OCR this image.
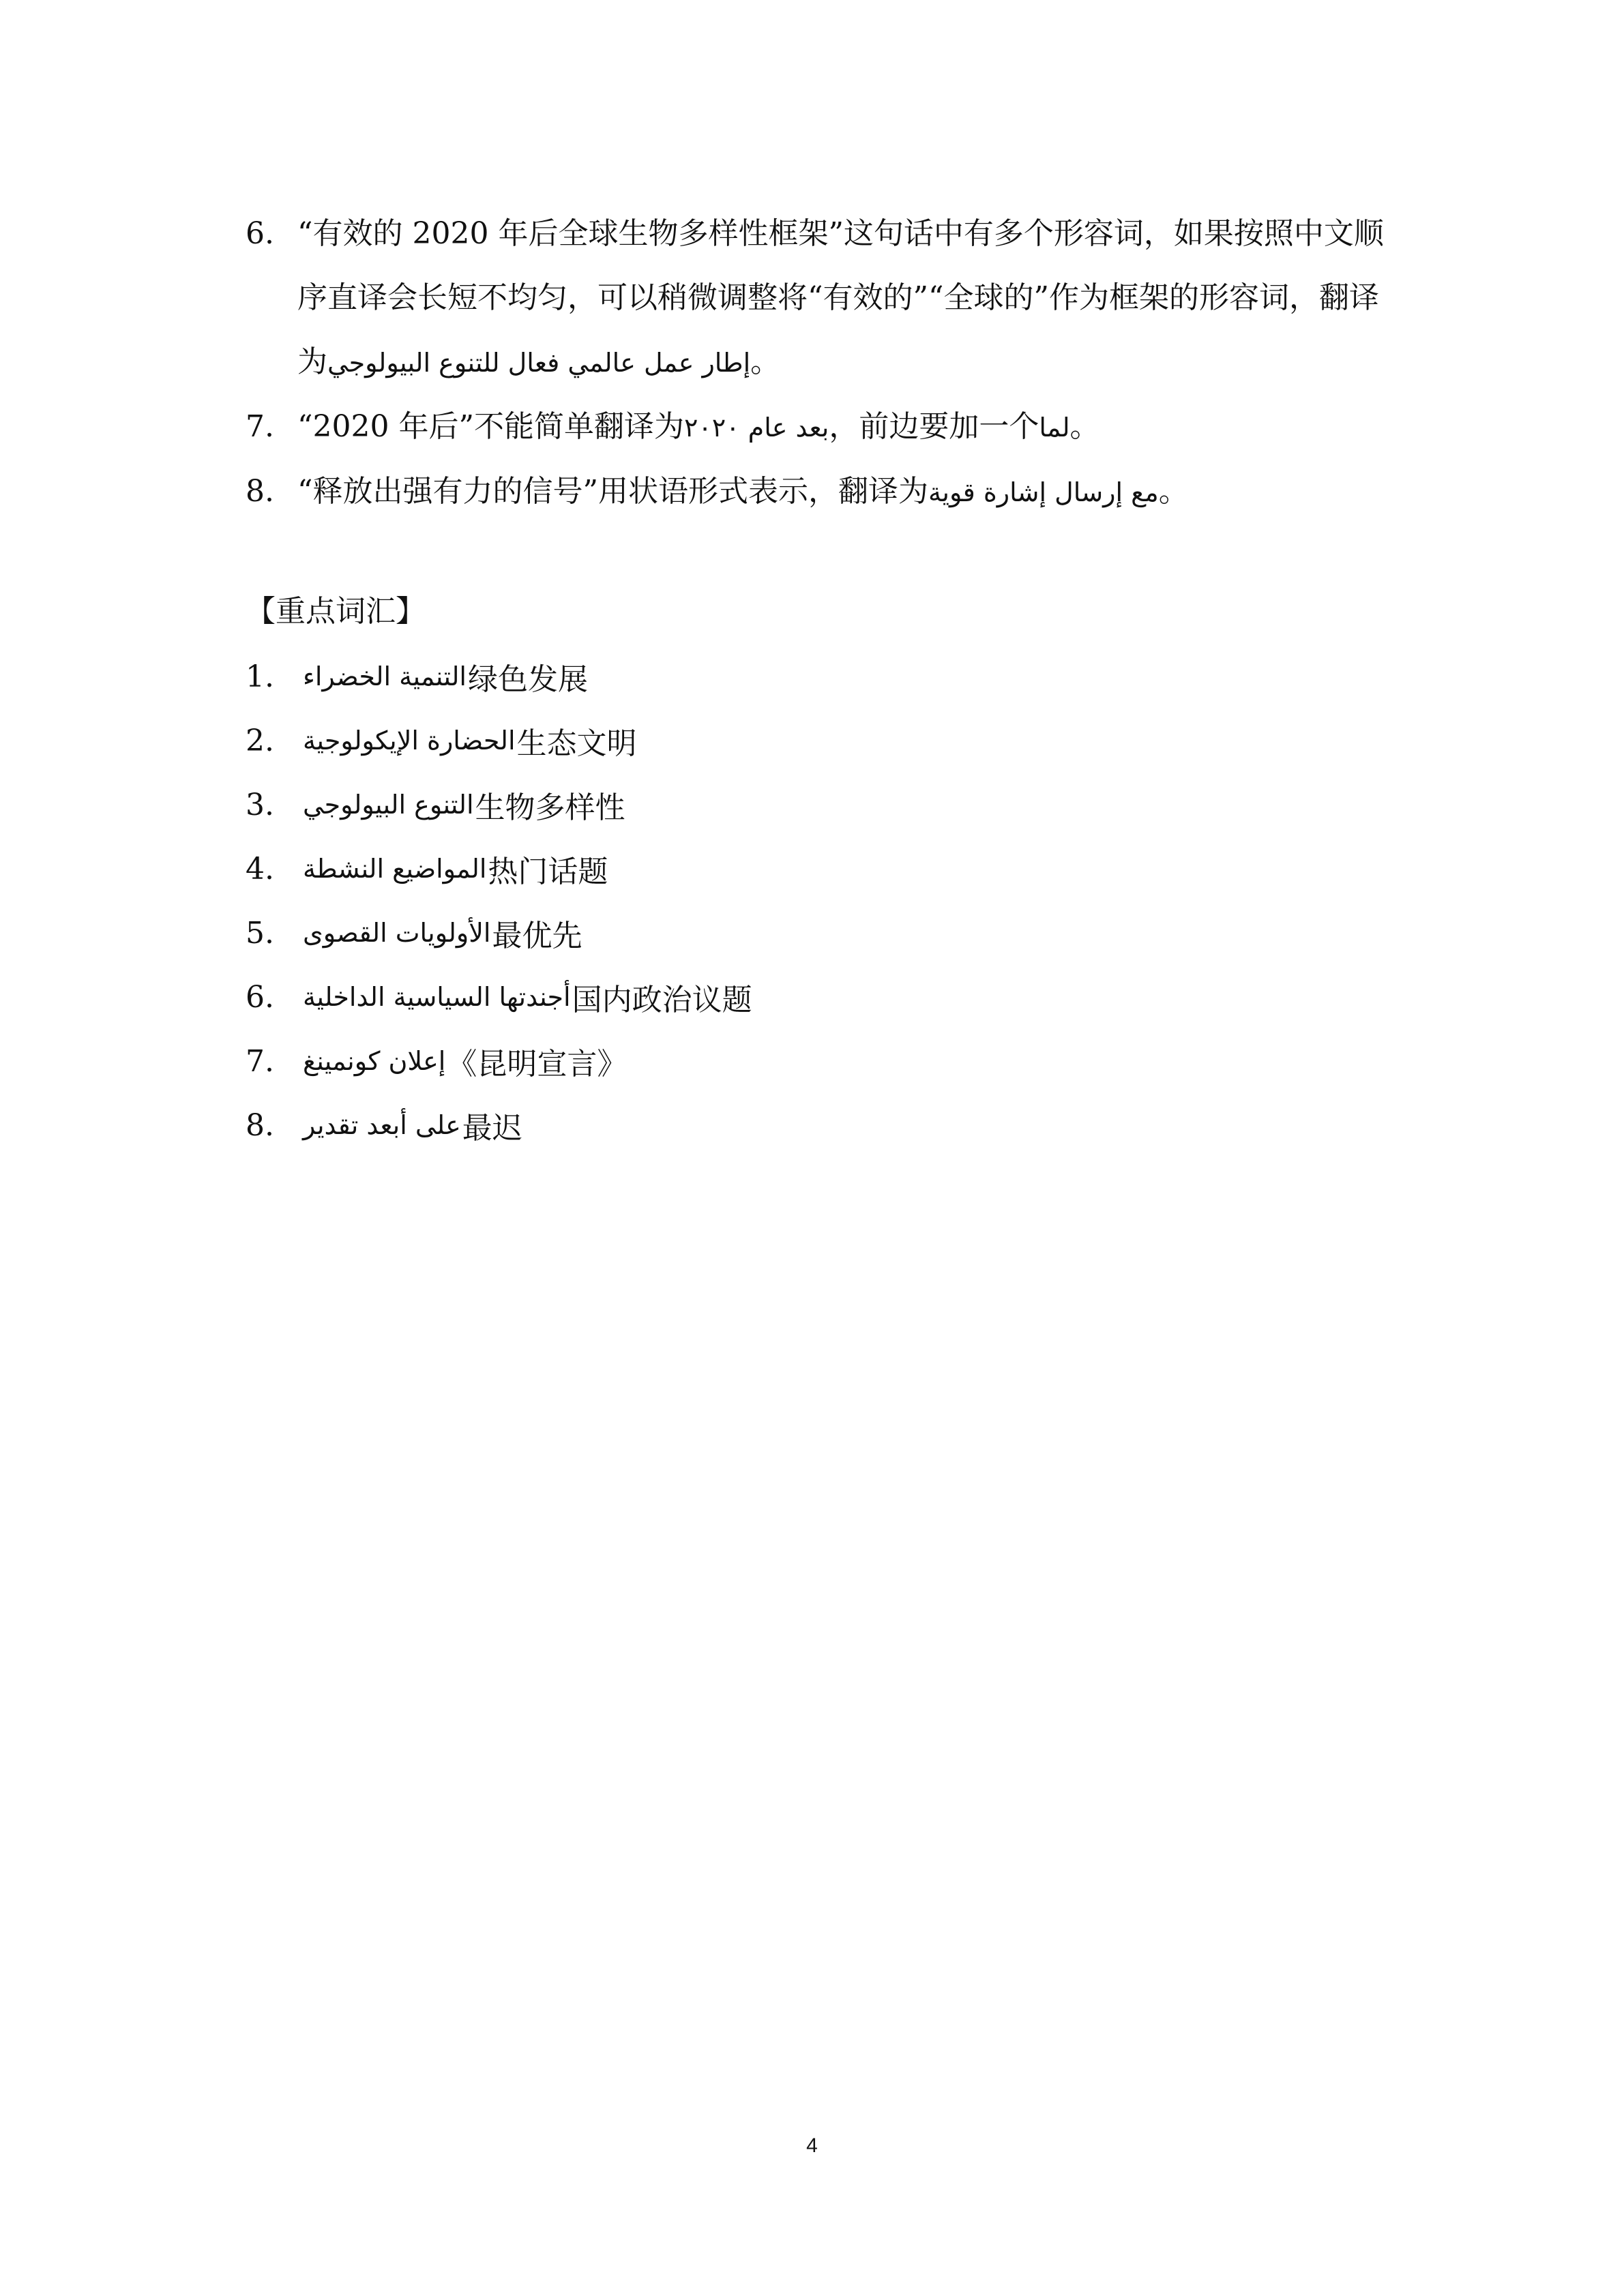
6. “有效的 2020 年后全球生物多样性框架”这句话中有多个形容词，如果按照中文顺序直译会长短不均匀，可以稍微调整将“有效的”“全球的”作为框架的形容词，翻译为إطار عمل عالمي فعال للتنوع البيولوجي。
7. “2020 年后”不能简单翻译为بعد عام ٢٠٢٠，前边要加一个لما。
8. “释放出强有力的信号”用状语形式表示，翻译为مع إرسال إشارة قوية。
【重点词汇】
1.	التنمية الخضراء 绿色发展
2.	الحضارة الإيكولوجية 生态文明
3.	التنوع البيولوجي 生物多样性
4.	المواضيع النشطة 热门话题
5.	الأولويات القصوى 最优先
6.	أجندتها السياسية الداخلية 国内政治议题
7.	إعلان كونمينغ 《昆明宣言》
8.	على أبعد تقدير 最迟
4
